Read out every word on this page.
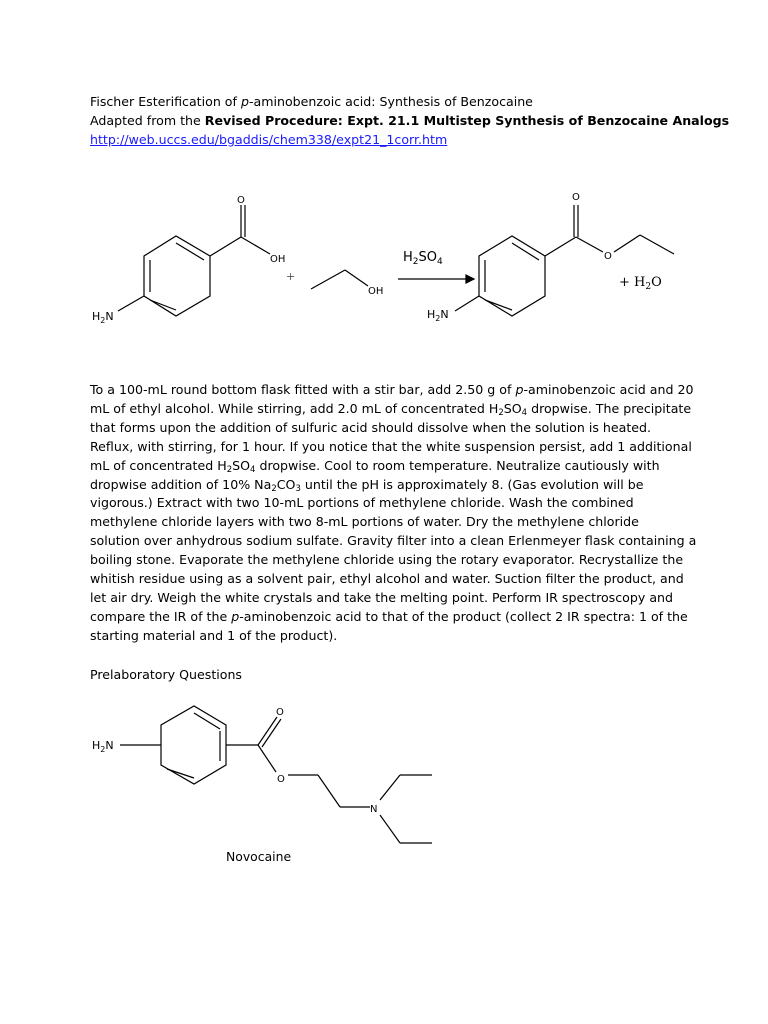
Fischer Esterification of p-aminobenzoic acid: Synthesis of Benzocaine
Adapted from the Revised Procedure: Expt. 21.1 Multistep Synthesis of Benzocaine Analogs
http://web.uccs.edu/bgaddis/chem338/expt21_1corr.htm
O
OH
$H_2N$
+
OH
$H_2SO_4$
O
O
$H_2N$
+ $H_2O$
$H_2N$
O
O
N
Novocaine
To a 100-mL round bottom flask fitted with a stir bar, add 2.50 g of p-aminobenzoic acid and 20
mL of ethyl alcohol. While stirring, add 2.0 mL of concentrated $H_2SO_4$ dropwise. The precipitate
that forms upon the addition of sulfuric acid should dissolve when the solution is heated.
Reflux, with stirring, for 1 hour. If you notice that the white suspension persist, add 1 additional
mL of concentrated $H_2SO_4$ dropwise. Cool to room temperature. Neutralize cautiously with
dropwise addition of 10% $Na_2CO_3$ until the pH is approximately 8. (Gas evolution will be
vigorous.) Extract with two 10-mL portions of methylene chloride. Wash the combined
methylene chloride layers with two 8-mL portions of water. Dry the methylene chloride
solution over anhydrous sodium sulfate. Gravity filter into a clean Erlenmeyer flask containing a
boiling stone. Evaporate the methylene chloride using the rotary evaporator. Recrystallize the
whitish residue using as a solvent pair, ethyl alcohol and water. Suction filter the product, and
let air dry. Weigh the white crystals and take the melting point. Perform IR spectroscopy and
compare the IR of the p-aminobenzoic acid to that of the product (collect 2 IR spectra: 1 of the
starting material and 1 of the product).
Prelaboratory Questions
